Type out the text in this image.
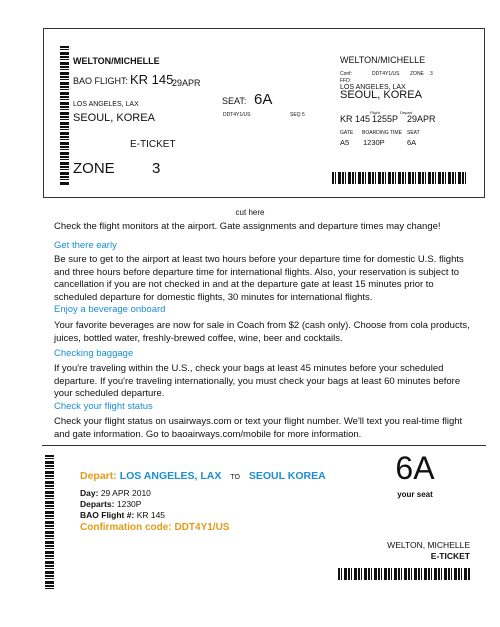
WELTON/MICHELLE
BAO FLIGHT: KR 145
29APR
LOS ANGELES, LAX
SEOUL, KOREA
SEAT: 6A
DDT4Y1/US	SEQ 5
E-TICKET
ZONE 3
WELTON/MICHELLE
Conf:	DDT4Y1/US ZONE 3
FFD:
LOS ANGELES, LAX
SEOUL, KOREA
Flight	Depart
KR 145 1255P 29APR
GATE BOARDING TIME SEAT
A5 1230P	6A
cut here
Check the flight monitors at the airport. Gate assignments and departure times may change!
Get there early
Be sure to get to the airport at least two hours before your departure time for domestic U.S. flights and three hours before departure time for international flights. Also, your reservation is subject to cancellation if you are not checked in and at the departure gate at least 15 minutes prior to scheduled departure for domestic flights, 30 minutes for international flights.
Enjoy a beverage onboard
Your favorite beverages are now for sale in Coach from $2 (cash only). Choose from cola products, juices, bottled water, freshly-brewed coffee, wine, beer and cocktails.
Checking baggage
If you're traveling within the U.S., check your bags at least 45 minutes before your scheduled departure. If you're traveling internationally, you must check your bags at least 60 minutes before your scheduled departure.
Check your flight status
Check your flight status on usairways.com or text your flight number. We'll text you real-time flight and gate information. Go to baoairways.com/mobile for more information.
Depart: LOS ANGELES, LAX TO SEOUL KOREA
Day: 29 APR 2010
Departs: 1230P
BAO Flight #: KR 145
Confirmation code: DDT4Y1/US
6A
your seat
WELTON, MICHELLE
E-TICKET
